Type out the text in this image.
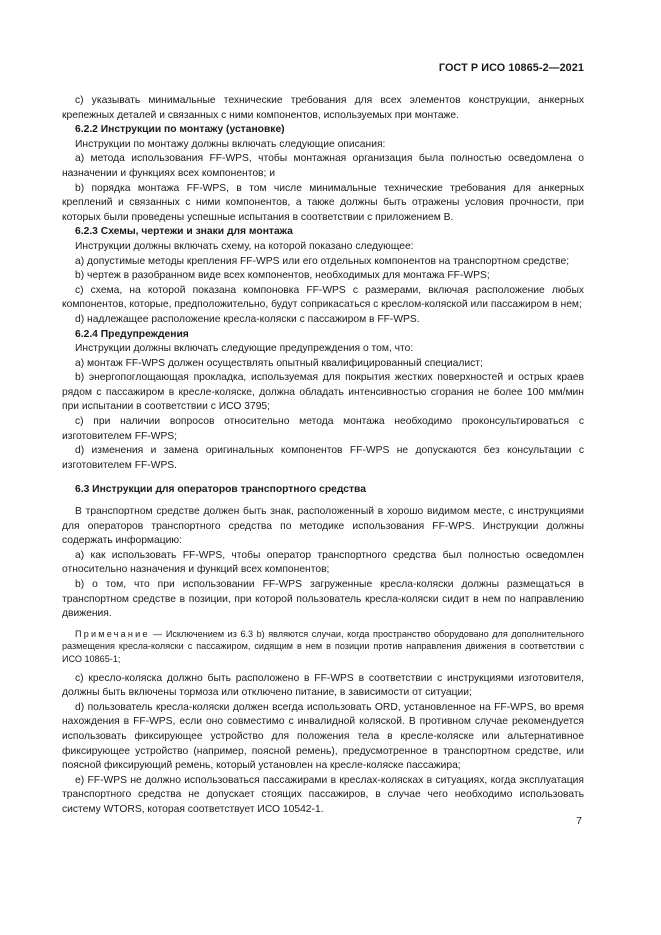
ГОСТ Р ИСО 10865-2—2021

c) указывать минимальные технические требования для всех элементов конструкции, анкерных крепежных деталей и связанных с ними компонентов, используемых при монтаже.

6.2.2 Инструкции по монтажу (установке)

Инструкции по монтажу должны включать следующие описания:

a) метода использования FF-WPS, чтобы монтажная организация была полностью осведомлена о назначении и функциях всех компонентов; и

b) порядка монтажа FF-WPS, в том числе минимальные технические требования для анкерных креплений и связанных с ними компонентов, а также должны быть отражены условия прочности, при которых были проведены успешные испытания в соответствии с приложением В.

6.2.3 Схемы, чертежи и знаки для монтажа

Инструкции должны включать схему, на которой показано следующее:

a) допустимые методы крепления FF-WPS или его отдельных компонентов на транспортном средстве;

b) чертеж в разобранном виде всех компонентов, необходимых для монтажа FF-WPS;

c) схема, на которой показана компоновка FF-WPS с размерами, включая расположение любых компонентов, которые, предположительно, будут соприкасаться с креслом-коляской или пассажиром в нем;

d) надлежащее расположение кресла-коляски с пассажиром в FF-WPS.

6.2.4 Предупреждения

Инструкции должны включать следующие предупреждения о том, что:

a) монтаж FF-WPS должен осуществлять опытный квалифицированный специалист;

b) энергопоглощающая прокладка, используемая для покрытия жестких поверхностей и острых краев рядом с пассажиром в кресле-коляске, должна обладать интенсивностью сгорания не более 100 мм/мин при испытании в соответствии с ИСО 3795;

c) при наличии вопросов относительно метода монтажа необходимо проконсультироваться с изготовителем FF-WPS;

d) изменения и замена оригинальных компонентов FF-WPS не допускаются без консультации с изготовителем FF-WPS.

6.3 Инструкции для операторов транспортного средства

В транспортном средстве должен быть знак, расположенный в хорошо видимом месте, с инструкциями для операторов транспортного средства по методике использования FF-WPS. Инструкции должны содержать информацию:

a) как использовать FF-WPS, чтобы оператор транспортного средства был полностью осведомлен относительно назначения и функций всех компонентов;

b) о том, что при использовании FF-WPS загруженные кресла-коляски должны размещаться в транспортном средстве в позиции, при которой пользователь кресла-коляски сидит в нем по направлению движения.

Примечание — Исключением из 6.3 b) являются случаи, когда пространство оборудовано для дополнительного размещения кресла-коляски с пассажиром, сидящим в нем в позиции против направления движения в соответствии с ИСО 10865-1;

c) кресло-коляска должно быть расположено в FF-WPS в соответствии с инструкциями изготовителя, должны быть включены тормоза или отключено питание, в зависимости от ситуации;

d) пользователь кресла-коляски должен всегда использовать ORD, установленное на FF-WPS, во время нахождения в FF-WPS, если оно совместимо с инвалидной коляской. В противном случае рекомендуется использовать фиксирующее устройство для положения тела в кресле-коляске или альтернативное фиксирующее устройство (например, поясной ремень), предусмотренное в транспортном средстве, или поясной фиксирующий ремень, который установлен на кресле-коляске пассажира;

e) FF-WPS не должно использоваться пассажирами в креслах-колясках в ситуациях, когда эксплуатация транспортного средства не допускает стоящих пассажиров, в случае чего необходимо использовать систему WTORS, которая соответствует ИСО 10542-1.

7
